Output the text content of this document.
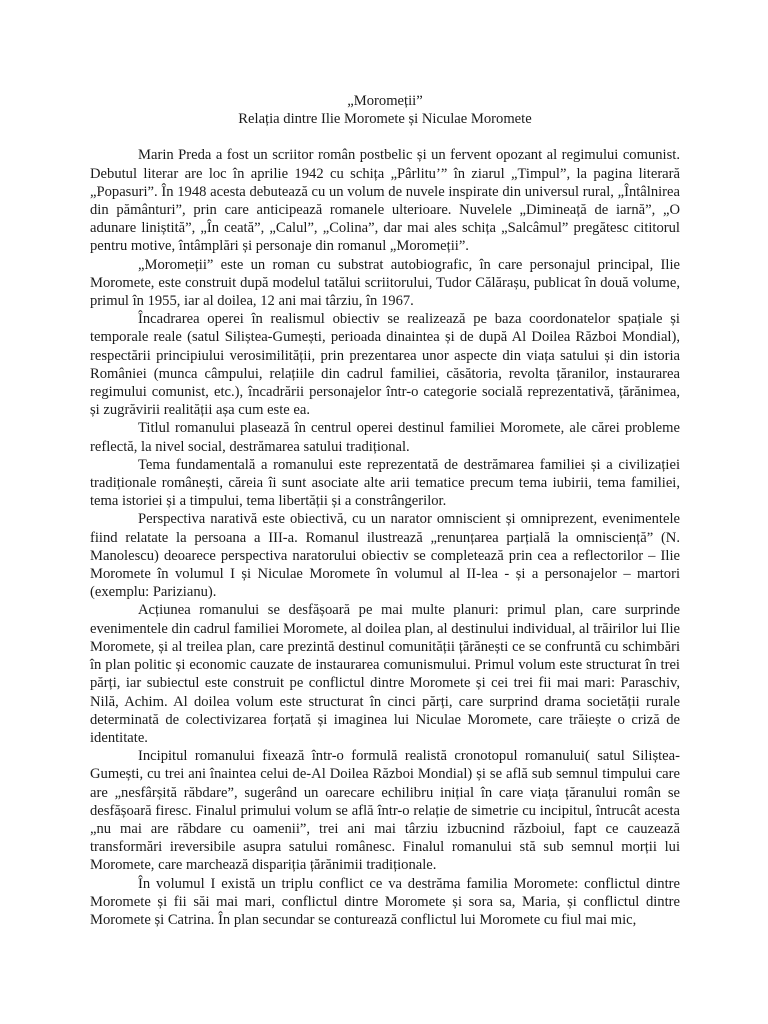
„Moromeții”

Relația dintre Ilie Moromete și Niculae Moromete

Marin Preda a fost un scriitor român postbelic și un fervent opozant al regimului comunist. Debutul literar are loc în aprilie 1942 cu schița „Pârlitu’” în ziarul „Timpul”, la pagina literară „Popasuri”. În 1948 acesta debutează cu un volum de nuvele inspirate din universul rural, „Întâlnirea din pământuri”, prin care anticipează romanele ulterioare. Nuvelele „Dimineață de iarnă”, „O adunare liniștită”, „În ceată”, „Calul”, „Colina”, dar mai ales schița „Salcâmul” pregătesc cititorul pentru motive, întâmplări și personaje din romanul „Moromeții”.

„Moromeții” este un roman cu substrat autobiografic, în care personajul principal, Ilie Moromete, este construit după modelul tatălui scriitorului, Tudor Călărașu, publicat în două volume, primul în 1955, iar al doilea, 12 ani mai târziu, în 1967.

Încadrarea operei în realismul obiectiv se realizează pe baza coordonatelor spațiale și temporale reale (satul Siliștea-Gumești, perioada dinaintea și de după Al Doilea Război Mondial), respectării principiului verosimilității, prin prezentarea unor aspecte din viața satului și din istoria României (munca câmpului, relațiile din cadrul familiei, căsătoria, revolta țăranilor, instaurarea regimului comunist, etc.), încadrării personajelor într-o categorie socială reprezentativă, țărănimea, și zugrăvirii realității așa cum este ea.

Titlul romanului plasează în centrul operei destinul familiei Moromete, ale cărei probleme reflectă, la nivel social, destrămarea satului tradițional.

Tema fundamentală a romanului este reprezentată de destrămarea familiei și a civilizației tradiționale românești, căreia îi sunt asociate alte arii tematice precum tema iubirii, tema familiei, tema istoriei și a timpului, tema libertății și a constrângerilor.

Perspectiva narativă este obiectivă, cu un narator omniscient și omniprezent, evenimentele fiind relatate la persoana a III-a. Romanul ilustrează „renunțarea parțială la omnisciență” (N. Manolescu) deoarece perspectiva naratorului obiectiv se completează prin cea a reflectorilor – Ilie Moromete în volumul I și Niculae Moromete în volumul al II-lea - și a personajelor – martori (exemplu: Parizianu).

Acțiunea romanului se desfășoară pe mai multe planuri: primul plan, care surprinde evenimentele din cadrul familiei Moromete, al doilea plan, al destinului individual, al trăirilor lui Ilie Moromete, și al treilea plan, care prezintă destinul comunității țărănești ce se confruntă cu schimbări în plan politic și economic cauzate de instaurarea comunismului. Primul volum este structurat în trei părți, iar subiectul este construit pe conflictul dintre Moromete și cei trei fii mai mari: Paraschiv, Nilă, Achim. Al doilea volum este structurat în cinci părți, care surprind drama societății rurale determinată de colectivizarea forțată și imaginea lui Niculae Moromete, care trăiește o criză de identitate.

Incipitul romanului fixează într-o formulă realistă cronotopul romanului( satul Siliștea-Gumești, cu trei ani înaintea celui de-Al Doilea Război Mondial) și se află sub semnul timpului care are „nesfârșită răbdare”, sugerând un oarecare echilibru inițial în care viața țăranului român se desfășoară firesc. Finalul primului volum se află într-o relație de simetrie cu incipitul, întrucât acesta „nu mai are răbdare cu oamenii”, trei ani mai târziu izbucnind războiul, fapt ce cauzează transformări ireversibile asupra satului românesc. Finalul romanului stă sub semnul morții lui Moromete, care marchează dispariția țărănimii tradiționale.

În volumul I există un triplu conflict ce va destrăma familia Moromete: conflictul dintre Moromete și fii săi mai mari, conflictul dintre Moromete și sora sa, Maria, și conflictul dintre Moromete și Catrina. În plan secundar se conturează conflictul lui Moromete cu fiul mai mic,
